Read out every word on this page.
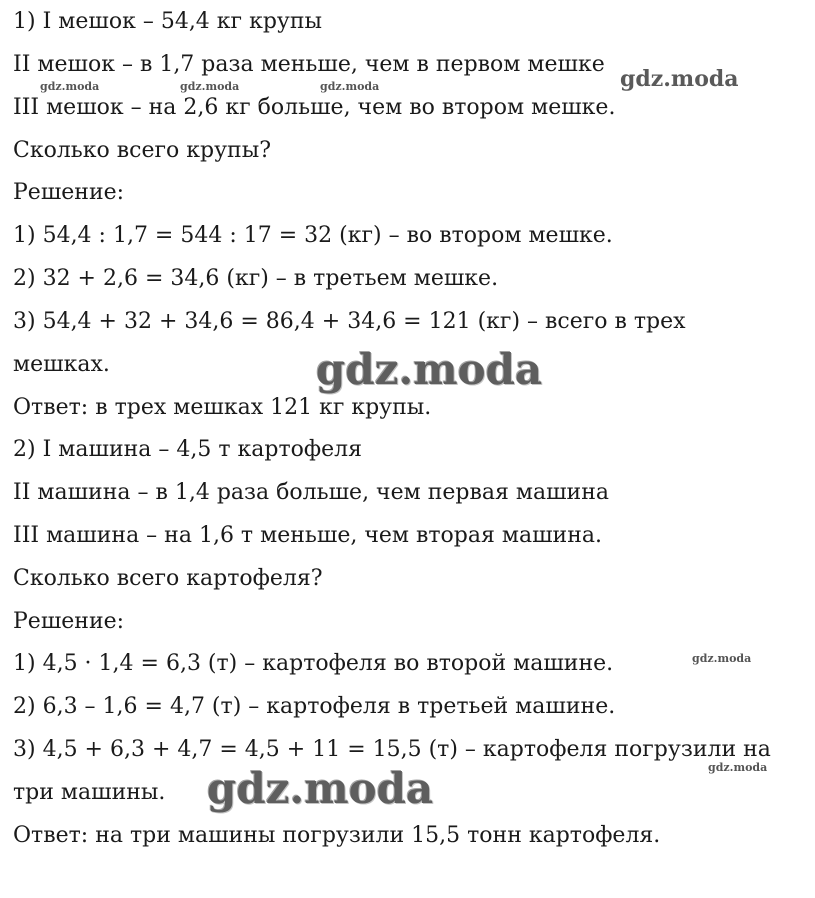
1) I мешок – 54,4 кг крупы
II мешок – в 1,7 раза меньше, чем в первом мешке
III мешок – на 2,6 кг больше, чем во втором мешке.
Сколько всего крупы?
Решение:
1) 54,4 : 1,7 = 544 : 17 = 32 (кг) – во втором мешке.
2) 32 + 2,6 = 34,6 (кг) – в третьем мешке.
3) 54,4 + 32 + 34,6 = 86,4 + 34,6 = 121 (кг) – всего в трех
мешках.
Ответ: в трех мешках 121 кг крупы.
2) I машина – 4,5 т картофеля
II машина – в 1,4 раза больше, чем первая машина
III машина – на 1,6 т меньше, чем вторая машина.
Сколько всего картофеля?
Решение:
1) 4,5 · 1,4 = 6,3 (т) – картофеля во второй машине.
2) 6,3 – 1,6 = 4,7 (т) – картофеля в третьей машине.
3) 4,5 + 6,3 + 4,7 = 4,5 + 11 = 15,5 (т) – картофеля погрузили на
три машины.
Ответ: на три машины погрузили 15,5 тонн картофеля.
gdz.moda	gdz.moda	gdz.moda	gdz.moda
gdz.moda
gdz.moda
gdz.moda
gdz.moda
